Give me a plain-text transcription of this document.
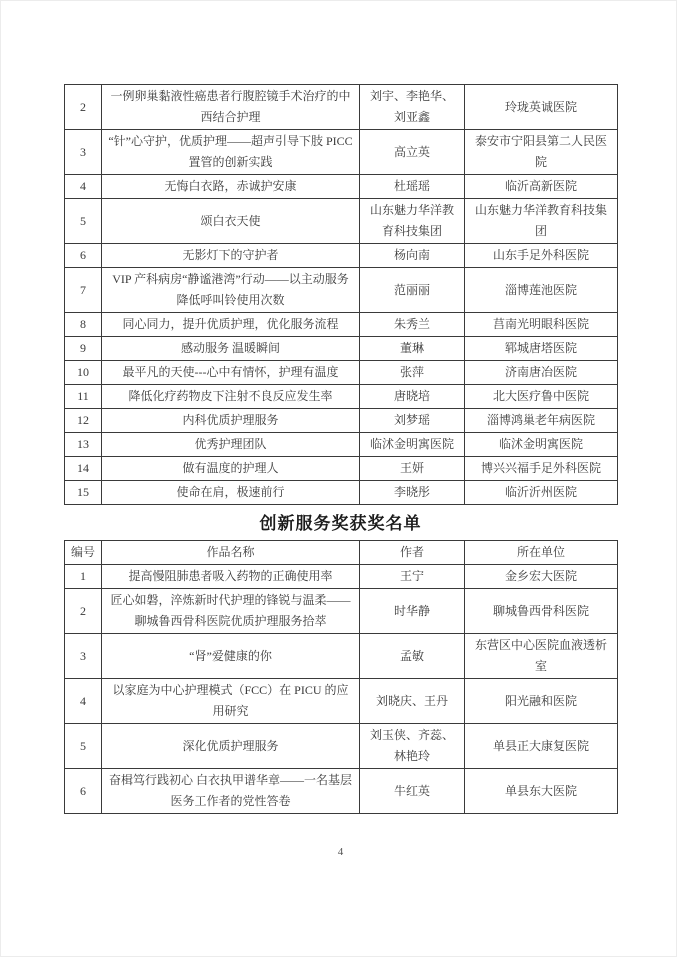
2	一例卵巢黏液性癌患者行腹腔镜手术治疗的中西结合护理	刘宇、李艳华、刘亚鑫	玲珑英诚医院
3	“针”心守护，优质护理——超声引导下肢 PICC 置管的创新实践	高立英	泰安市宁阳县第二人民医院
4	无悔白衣路，赤诚护安康	杜瑶瑶	临沂高新医院
5	颂白衣天使	山东魅力华洋教育科技集团	山东魅力华洋教育科技集团
6	无影灯下的守护者	杨向南	山东手足外科医院
7	VIP 产科病房“静谧港湾”行动——以主动服务降低呼叫铃使用次数	范丽丽	淄博莲池医院
8	同心同力，提升优质护理，优化服务流程	朱秀兰	莒南光明眼科医院
9	感动服务 温暖瞬间	董琳	郓城唐塔医院
10	最平凡的天使---心中有情怀，护理有温度	张萍	济南唐冶医院
11	降低化疗药物皮下注射不良反应发生率	唐晓培	北大医疗鲁中医院
12	内科优质护理服务	刘梦瑶	淄博鸿巢老年病医院
13	优秀护理团队	临沭金明寓医院	临沭金明寓医院
14	做有温度的护理人	王妍	博兴兴福手足外科医院
15	使命在肩，极速前行	李晓彤	临沂沂州医院
创新服务奖获奖名单
编号	作品名称	作者	所在单位
1	提高慢阻肺患者吸入药物的正确使用率	王宁	金乡宏大医院
2	匠心如磐，淬炼新时代护理的锋锐与温柔——聊城鲁西骨科医院优质护理服务拾萃	时华静	聊城鲁西骨科医院
3	“肾”爱健康的你	孟敏	东营区中心医院血液透析室
4	以家庭为中心护理模式（FCC）在 PICU 的应用研究	刘晓庆、王丹	阳光融和医院
5	深化优质护理服务	刘玉侠、齐蕊、林艳玲	单县正大康复医院
6	奋楫笃行践初心 白衣执甲谱华章——一名基层医务工作者的党性答卷	牛红英	单县东大医院
4
